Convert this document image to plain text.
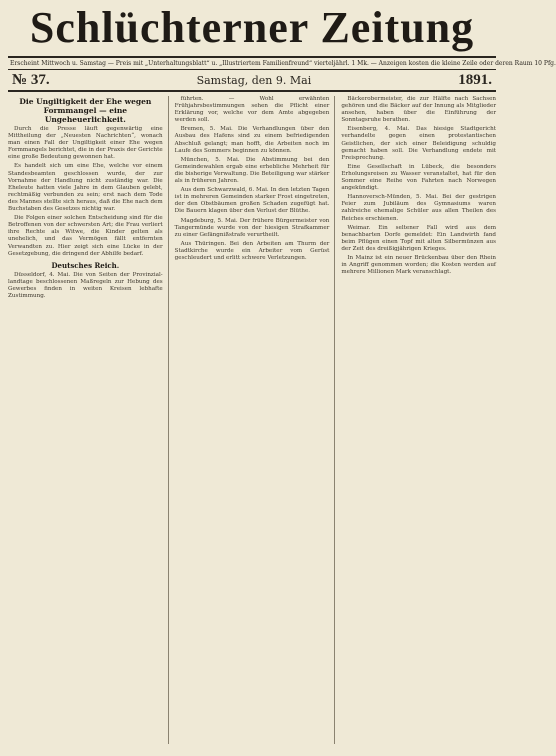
Schlüchterner Zeitung
Erscheint Mittwoch u. Samstag — Preis mit „Unterhaltungsblatt“ u. „Illustriertem Familienfreund“ vierteljährl. 1 Mk. — Anzeigen kosten die kleine Zeile oder deren Raum 10 Pfg.
№ 37.	Samstag, den 9. Mai	1891.
Die Ungiltigkeit der Ehe wegen Formmangel — eine Ungeheuerlichkeit.

Durch die Presse läuft gegenwärtig eine Mittheilung der „Neuesten Nachrichten“, wonach man einen Fall der Ungiltigkeit einer Ehe wegen Formmangels berichtet, die in der Praxis der Gerichte eine große Bedeutung gewonnen hat.

Es handelt sich um eine Ehe, welche vor einem Standesbeamten geschlossen wurde, der zur Vornahme der Handlung nicht zuständig war. Die Eheleute hatten viele Jahre in dem Glauben gelebt, rechtmäßig verbunden zu sein; erst nach dem Tode des Mannes stellte sich heraus, daß die Ehe nach dem Buchstaben des Gesetzes nichtig war.

Die Folgen einer solchen Entscheidung sind für die Betroffenen von der schwersten Art; die Frau verliert ihre Rechte als Witwe, die Kinder gelten als unehelich, und das Vermögen fällt entfernten Verwandten zu. Hier zeigt sich eine Lücke in der Gesetzgebung, die dringend der Abhilfe bedarf.

Deutsches Reich.

Düsseldorf, 4. Mai. Die von Seiten der Provinziallandtage beschlossenen Maßregeln zur Hebung des Gewerbes finden in weiten Kreisen lebhafte Zustimmung.

führten. — Wohl erwähnten Frühjahrsbestimmungen sehen die Pflicht einer Erklärung vor, welche vor dem Amte abgegeben werden soll.

Bremen, 5. Mai. Die Verhandlungen über den Ausbau des Hafens sind zu einem befriedigenden Abschluß gelangt; man hofft, die Arbeiten noch im Laufe des Sommers beginnen zu können.

München, 5. Mai. Die Abstimmung bei den Gemeindewahlen ergab eine erhebliche Mehrheit für die bisherige Verwaltung. Die Beteiligung war stärker als in früheren Jahren.

Aus dem Schwarzwald, 6. Mai. In den letzten Tagen ist in mehreren Gemeinden starker Frost eingetreten, der den Obstbäumen großen Schaden zugefügt hat. Die Bauern klagen über den Verlust der Blüthe.

Magdeburg, 5. Mai. Der frühere Bürgermeister von Tangermünde wurde von der hiesigen Strafkammer zu einer Gefängnißstrafe verurtheilt.

Aus Thüringen. Bei den Arbeiten am Thurm der Stadtkirche wurde ein Arbeiter vom Gerüst geschleudert und erlitt schwere Verletzungen.

Bäckerobermeister, die zur Hälfte nach Sachsen gehören und die Bäcker auf der Innung als Mitglieder ansehen, haben über die Einführung der Sonntagsruhe berathen.

Eisenberg, 4. Mai. Das hiesige Stadtgericht verhandelte gegen einen protestantischen Geistlichen, der sich einer Beleidigung schuldig gemacht haben soll. Die Verhandlung endete mit Freisprechung.

Eine Gesellschaft in Lübeck, die besonders Erholungsreisen zu Wasser veranstaltet, hat für den Sommer eine Reihe von Fahrten nach Norwegen angekündigt.

Hannoversch-Münden, 5. Mai. Bei der gestrigen Feier zum Jubiläum des Gymnasiums waren zahlreiche ehemalige Schüler aus allen Theilen des Reiches erschienen.

Weimar. Ein seltener Fall wird aus dem benachbarten Dorfe gemeldet: Ein Landwirth fand beim Pflügen einen Topf mit alten Silbermünzen aus der Zeit des dreißigjährigen Krieges.

In Mainz ist ein neuer Brückenbau über den Rhein in Angriff genommen worden; die Kosten werden auf mehrere Millionen Mark veranschlagt.
